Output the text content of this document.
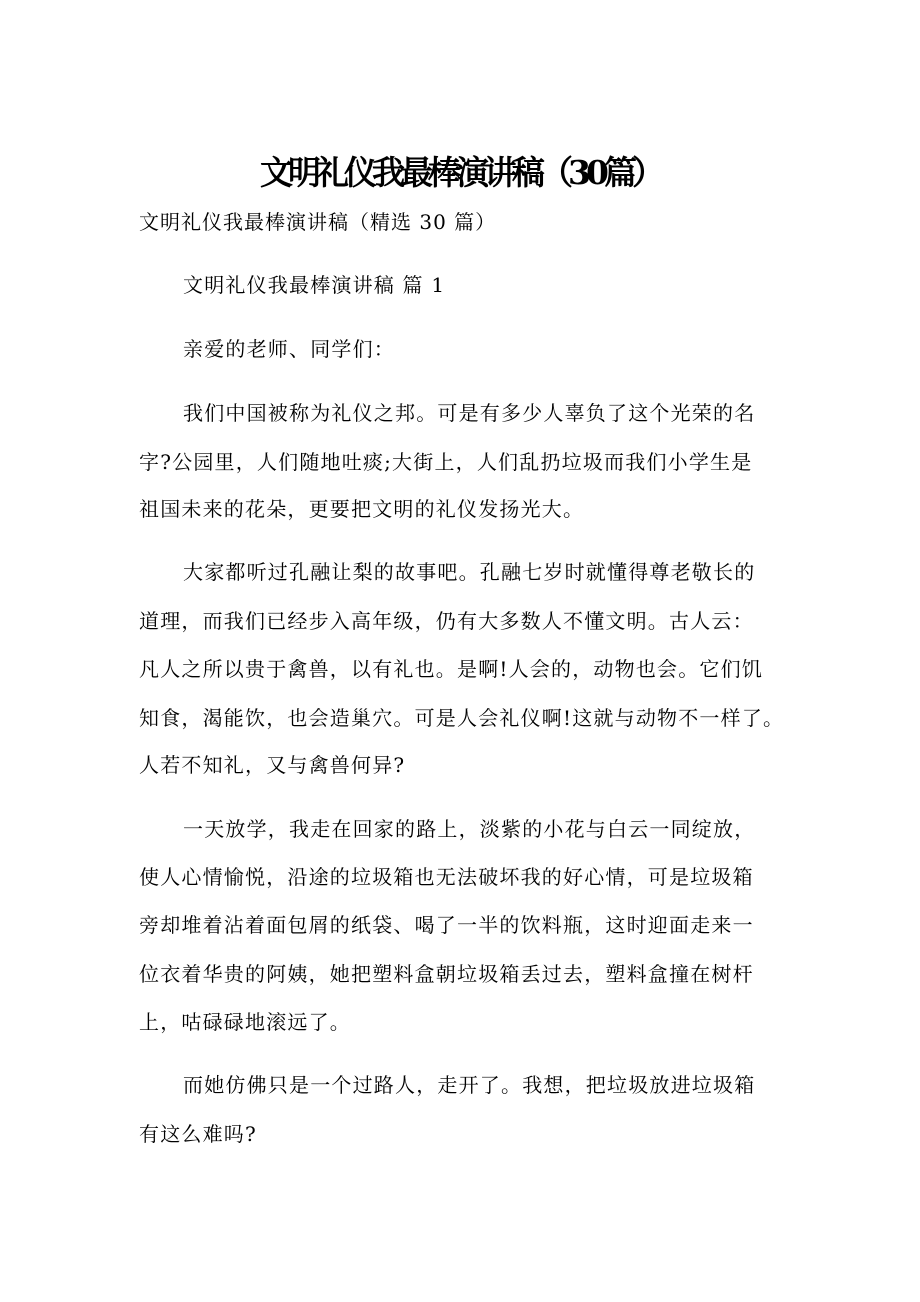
文明礼仪我最棒演讲稿（30篇）
文明礼仪我最棒演讲稿（精选 30 篇）
文明礼仪我最棒演讲稿 篇 1
亲爱的老师、同学们：
我们中国被称为礼仪之邦。可是有多少人辜负了这个光荣的名
字?公园里，人们随地吐痰;大街上，人们乱扔垃圾而我们小学生是
祖国未来的花朵，更要把文明的礼仪发扬光大。
大家都听过孔融让梨的故事吧。孔融七岁时就懂得尊老敬长的
道理，而我们已经步入高年级，仍有大多数人不懂文明。古人云：
凡人之所以贵于禽兽，以有礼也。是啊!人会的，动物也会。它们饥
知食，渴能饮，也会造巢穴。可是人会礼仪啊!这就与动物不一样了。
人若不知礼，又与禽兽何异?
一天放学，我走在回家的路上，淡紫的小花与白云一同绽放，
使人心情愉悦，沿途的垃圾箱也无法破坏我的好心情，可是垃圾箱
旁却堆着沾着面包屑的纸袋、喝了一半的饮料瓶，这时迎面走来一
位衣着华贵的阿姨，她把塑料盒朝垃圾箱丢过去，塑料盒撞在树杆
上，咕碌碌地滚远了。
而她仿佛只是一个过路人，走开了。我想，把垃圾放进垃圾箱
有这么难吗?
